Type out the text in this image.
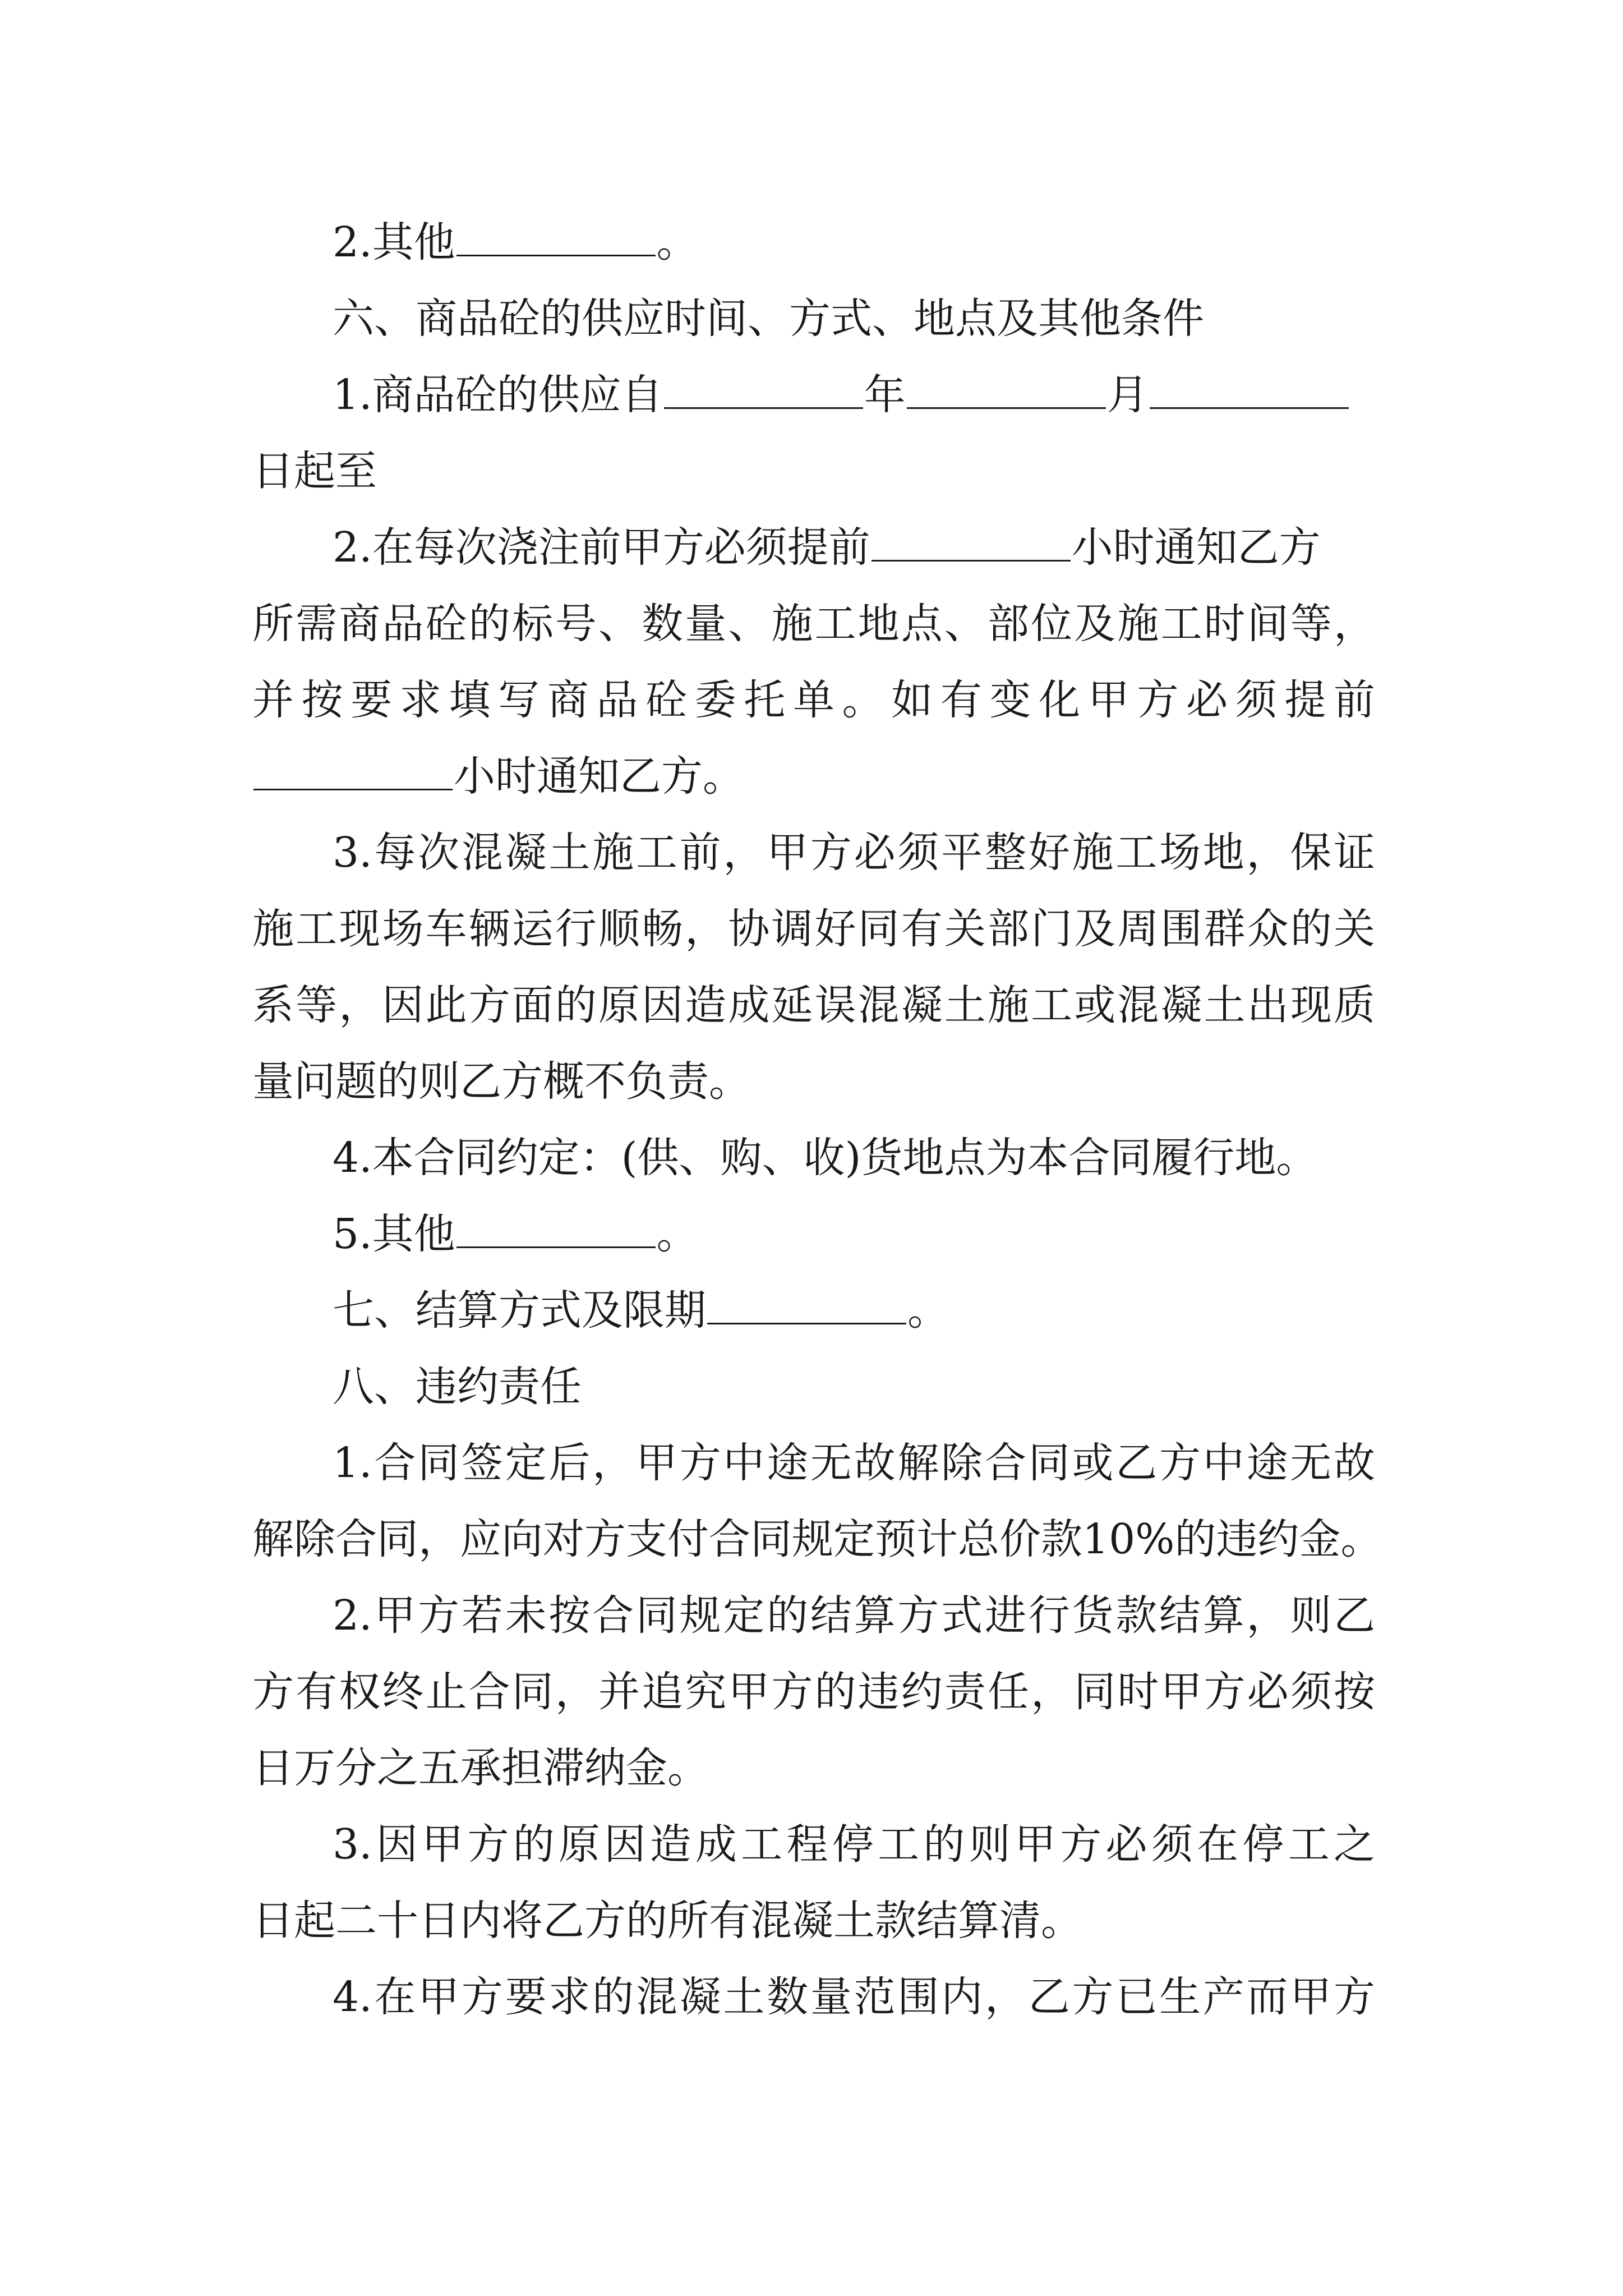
2.其他	。
六、商品砼的供应时间、方式、地点及其他条件
1.商品砼的供应自	年	月
日起至
2.在每次浇注前甲方必须提前	小时通知乙方
所需商品砼的标号、数量、施工地点、部位及施工时间等，
并按要求填写商品砼委托单。如有变化甲方必须提前
小时通知乙方。
3.每次混凝土施工前，甲方必须平整好施工场地，保证
施工现场车辆运行顺畅，协调好同有关部门及周围群众的关
系等，因此方面的原因造成延误混凝土施工或混凝土出现质
量问题的则乙方概不负责。
4.本合同约定：(供、购、收)货地点为本合同履行地。
5.其他	。
七、结算方式及限期	。
八、违约责任
1.合同签定后，甲方中途无故解除合同或乙方中途无故
解除合同，应向对方支付合同规定预计总价款10%的违约金。
2.甲方若未按合同规定的结算方式进行货款结算，则乙
方有权终止合同，并追究甲方的违约责任，同时甲方必须按
日万分之五承担滞纳金。
3.因甲方的原因造成工程停工的则甲方必须在停工之
日起二十日内将乙方的所有混凝土款结算清。
4.在甲方要求的混凝土数量范围内，乙方已生产而甲方
